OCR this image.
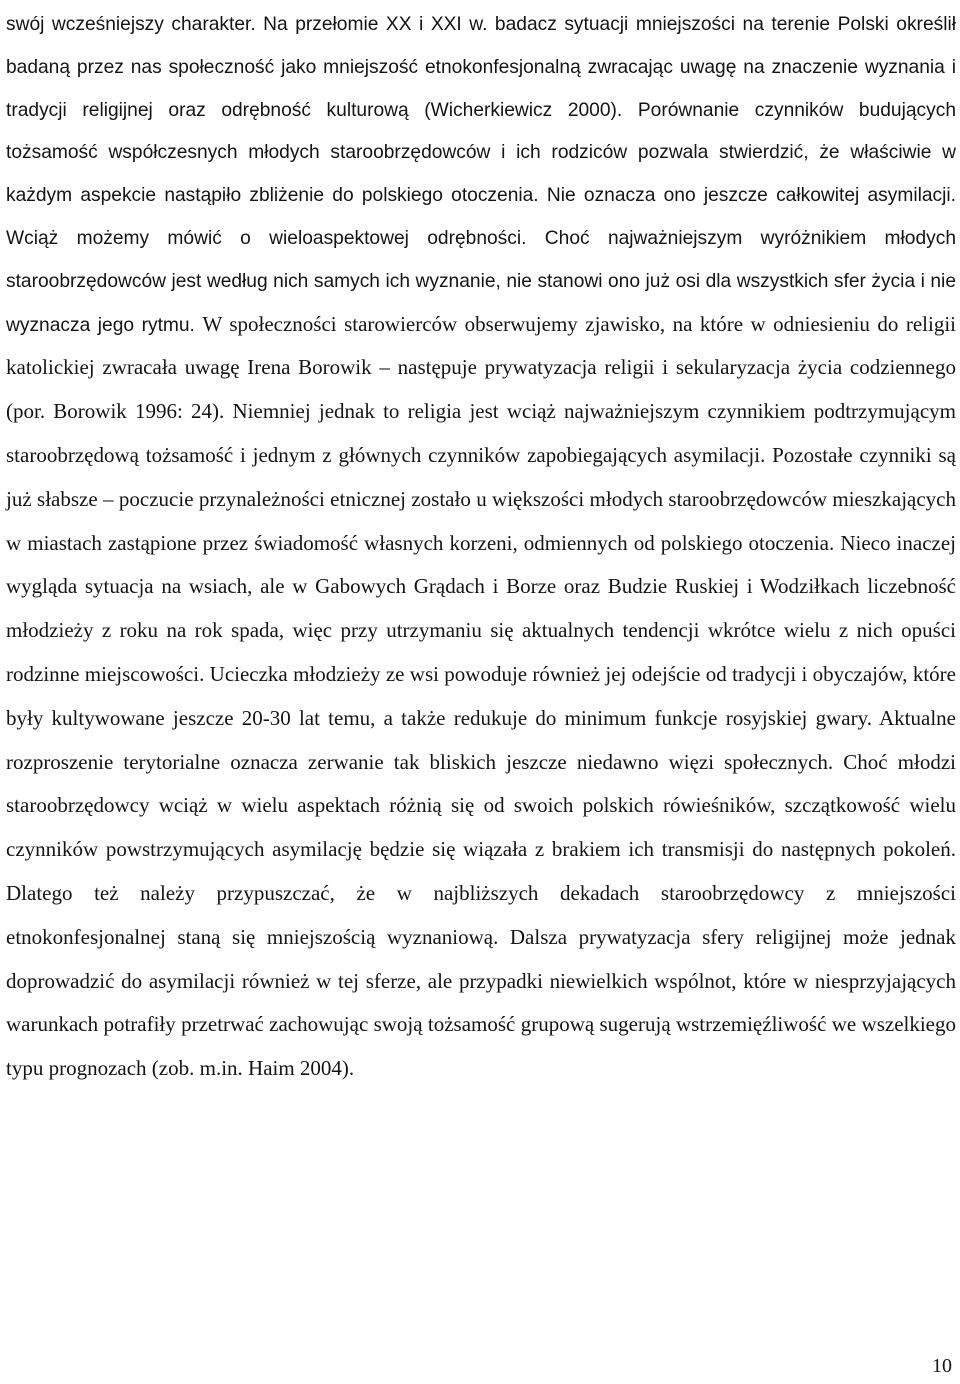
swój wcześniejszy charakter. Na przełomie XX i XXI w. badacz sytuacji mniejszości na terenie Polski określił badaną przez nas społeczność jako mniejszość etnokonfesjonalną zwracając uwagę na znaczenie wyznania i tradycji religijnej oraz odrębność kulturową (Wicherkiewicz 2000). Porównanie czynników budujących tożsamość współczesnych młodych staroobrzędowców i ich rodziców pozwala stwierdzić, że właściwie w każdym aspekcie nastąpiło zbliżenie do polskiego otoczenia. Nie oznacza ono jeszcze całkowitej asymilacji. Wciąż możemy mówić o wieloaspektowej odrębności. Choć najważniejszym wyróżnikiem młodych staroobrzędowców jest według nich samych ich wyznanie, nie stanowi ono już osi dla wszystkich sfer życia i nie wyznacza jego rytmu. W społeczności starowierców obserwujemy zjawisko, na które w odniesieniu do religii katolickiej zwracała uwagę Irena Borowik – następuje prywatyzacja religii i sekularyzacja życia codziennego (por. Borowik 1996: 24). Niemniej jednak to religia jest wciąż najważniejszym czynnikiem podtrzymującym staroobrzędową tożsamość i jednym z głównych czynników zapobiegających asymilacji. Pozostałe czynniki są już słabsze – poczucie przynależności etnicznej zostało u większości młodych staroobrzędowców mieszkających w miastach zastąpione przez świadomość własnych korzeni, odmiennych od polskiego otoczenia. Nieco inaczej wygląda sytuacja na wsiach, ale w Gabowych Grądach i Borze oraz Budzie Ruskiej i Wodziłkach liczebność młodzieży z roku na rok spada, więc przy utrzymaniu się aktualnych tendencji wkrótce wielu z nich opuści rodzinne miejscowości. Ucieczka młodzieży ze wsi powoduje również jej odejście od tradycji i obyczajów, które były kultywowane jeszcze 20-30 lat temu, a także redukuje do minimum funkcje rosyjskiej gwary. Aktualne rozproszenie terytorialne oznacza zerwanie tak bliskich jeszcze niedawno więzi społecznych. Choć młodzi staroobrzędowcy wciąż w wielu aspektach różnią się od swoich polskich rówieśników, szczątkowość wielu czynników powstrzymujących asymilację będzie się wiązała z brakiem ich transmisji do następnych pokoleń. Dlatego też należy przypuszczać, że w najbliższych dekadach staroobrzędowcy z mniejszości etnokonfesjonalnej staną się mniejszością wyznaniową. Dalsza prywatyzacja sfery religijnej może jednak doprowadzić do asymilacji również w tej sferze, ale przypadki niewielkich wspólnot, które w niesprzyjających warunkach potrafiły przetrwać zachowując swoją tożsamość grupową sugerują wstrzemięźliwość we wszelkiego typu prognozach (zob. m.in. Haim 2004).

10
